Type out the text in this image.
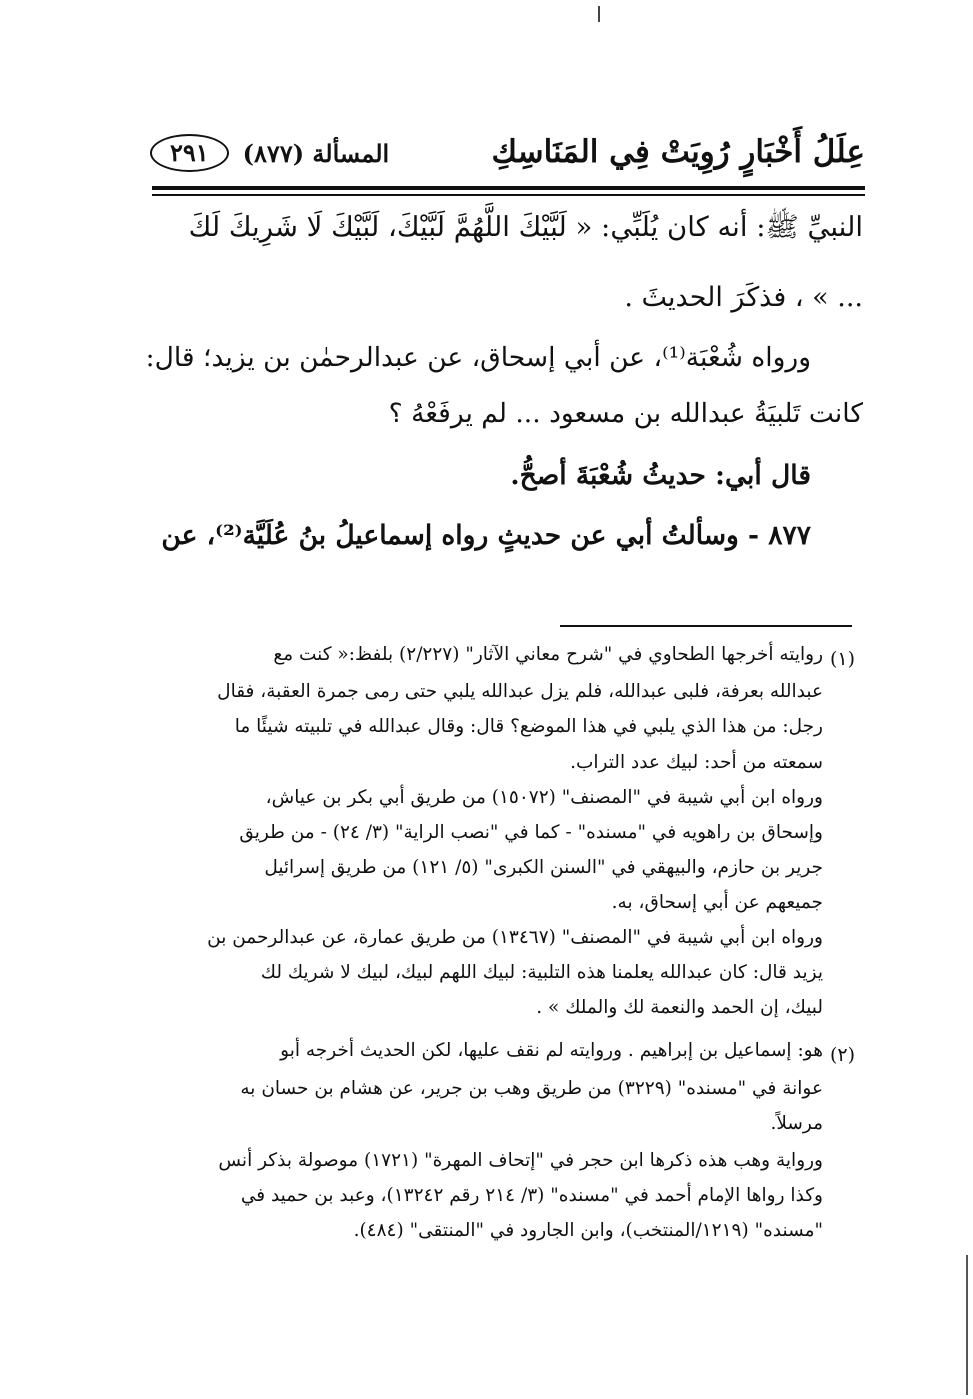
عِلَلُ أَخْبَارٍ رُوِيَتْ فِي المَنَاسِكِ
المسألة (٨٧٧)
٢٩١
النبيِّ ﷺ: أنه كان يُلَبِّي: « لَبَّيْكَ اللَّهُمَّ لَبَّيْكَ، لَبَّيْكَ لَا شَرِيكَ لَكَ
... » ، فذكَرَ الحديثَ .
ورواه شُعْبَة⁽¹⁾، عن أبي إسحاق، عن عبدالرحمٰن بن يزيد؛ قال:
كانت تَلبيَةُ عبدالله بن مسعود ... لم يرفَعْهُ ؟
قال أبي: حديثُ شُعْبَةَ أصحُّ.
٨٧٧ - وسألتُ أبي عن حديثٍ رواه إسماعيلُ بنُ عُلَيَّة⁽²⁾، عن
(١)
روايته أخرجها الطحاوي في "شرح معاني الآثار" (٢/٢٢٧) بلفظ:« كنت مع
عبدالله بعرفة، فلبى عبدالله، فلم يزل عبدالله يلبي حتى رمى جمرة العقبة، فقال
رجل: من هذا الذي يلبي في هذا الموضع؟ قال: وقال عبدالله في تلبيته شيئًا ما
سمعته من أحد: لبيك عدد التراب.
ورواه ابن أبي شيبة في "المصنف" (١٥٠٧٢) من طريق أبي بكر بن عياش،
وإسحاق بن راهويه في "مسنده" - كما في "نصب الراية" (٣/ ٢٤) - من طريق
جرير بن حازم، والبيهقي في "السنن الكبرى" (٥/ ١٢١) من طريق إسرائيل
جميعهم عن أبي إسحاق، به.
ورواه ابن أبي شيبة في "المصنف" (١٣٤٦٧) من طريق عمارة، عن عبدالرحمن بن
يزيد قال: كان عبدالله يعلمنا هذه التلبية: لبيك اللهم لبيك، لبيك لا شريك لك
لبيك، إن الحمد والنعمة لك والملك » .
(٢)
هو: إسماعيل بن إبراهيم . وروايته لم نقف عليها، لكن الحديث أخرجه أبو
عوانة في "مسنده" (٣٢٢٩) من طريق وهب بن جرير، عن هشام بن حسان به
مرسلاً.
ورواية وهب هذه ذكرها ابن حجر في "إتحاف المهرة" (١٧٢١) موصولة بذكر أنس
وكذا رواها الإمام أحمد في "مسنده" (٣/ ٢١٤ رقم ١٣٢٤٢)، وعبد بن حميد في
"مسنده" (١٢١٩/المنتخب)، وابن الجارود في "المنتقى" (٤٨٤).
